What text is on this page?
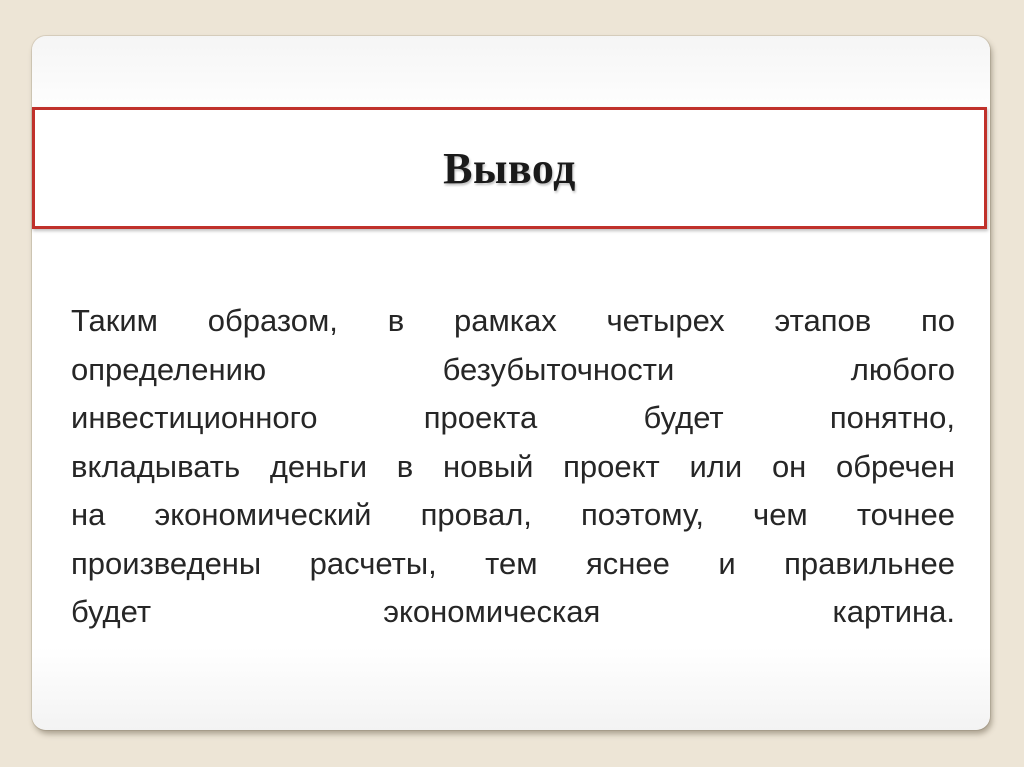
Вывод

Таким образом, в рамках четырех этапов по
определению безубыточности любого
инвестиционного проекта будет понятно,
вкладывать деньги в новый проект или он обречен
на экономический провал, поэтому, чем точнее
произведены расчеты, тем яснее и правильнее
будет экономическая картина.
